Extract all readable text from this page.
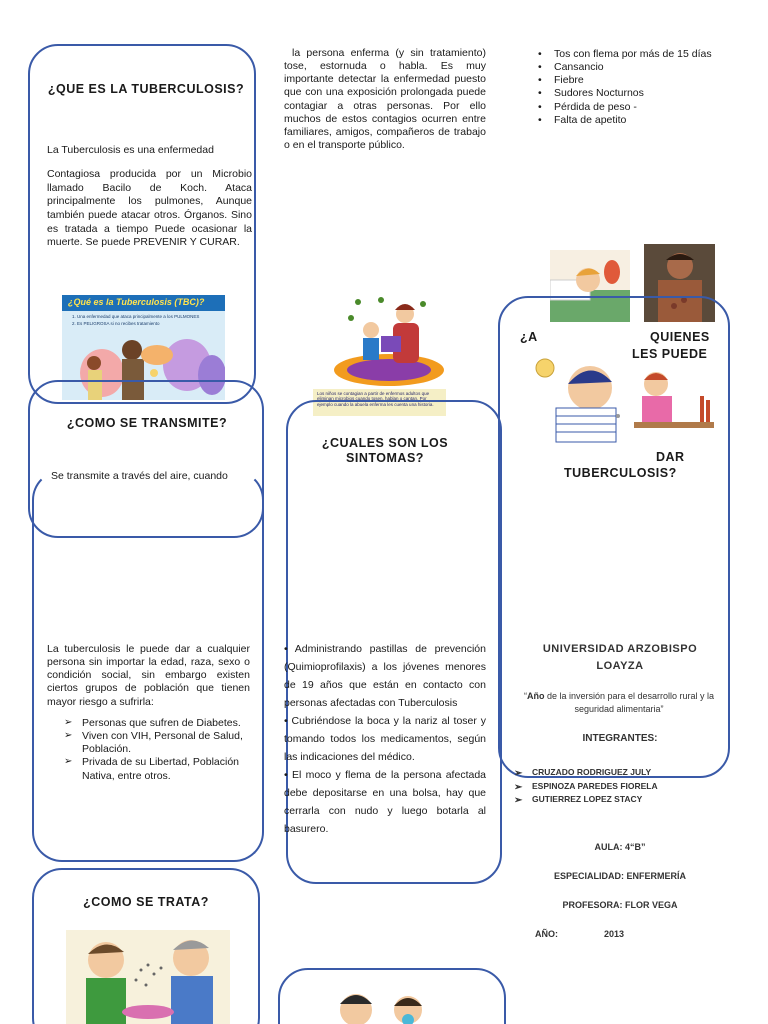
¿QUE ES LA TUBERCULOSIS?
La Tuberculosis es una enfermedad
Contagiosa producida por un Microbio llamado Bacilo de Koch. Ataca principalmente los pulmones, Aunque también puede atacar otros. Órganos. Sino es tratada a tiempo Puede ocasionar la muerte. Se puede PREVENIR Y CURAR.
¿Qué es la Tuberculosis (TBC)?
1. Una enfermedad que ataca principalmente a los PULMONES
2. Es PELIGROSA si no recibes tratamiento
¿COMO SE TRANSMITE?
Se transmite a través del aire, cuando
La tuberculosis le puede dar a cualquier persona sin importar la edad, raza, sexo o condición social, sin embargo existen ciertos grupos de población que tienen mayor riesgo a sufrirla:
➢ Personas que sufren de Diabetes.
➢ Viven con VIH, Personal de Salud, Población.
➢ Privada de su Libertad, Población Nativa, entre otros.
¿COMO SE TRATA?
la persona enferma (y sin tratamiento) tose, estornuda o habla. Es muy importante detectar la enfermedad puesto que con una exposición prolongada puede contagiar a otras personas. Por ello muchos de estos contagios ocurren entre familiares, amigos, compañeros de trabajo o en el transporte público.
Los niños se contagian a partir de enfermos adultos que eliminan microbios cuando tosen, hablan o cantan. Por ejemplo cuando la abuela enferma les cuenta una historia.
¿CUALES SON LOS SINTOMAS?

• Administrando pastillas de prevención (Quimioprofilaxis) a los jóvenes menores de 19 años que están en contacto con personas afectadas con Tuberculosis

• Cubriéndose la boca y la nariz al toser y tomando todos los medicamentos, según las indicaciones del médico.

• El moco y flema de la persona afectada debe depositarse en una bolsa, hay que cerrarla con nudo y luego botarla al basurero.

• Tos con flema por más de 15 días
• Cansancio
• Fiebre
• Sudores Nocturnos
• Pérdida de peso -
• Falta de apetito
¿A	QUIENES
LES PUEDE
DAR
TUBERCULOSIS?
UNIVERSIDAD ARZOBISPO
LOAYZA
“Año de la inversión para el desarrollo rural y la seguridad alimentaria”
INTEGRANTES:
➢ CRUZADO RODRIGUEZ JULY
➢ ESPINOZA PAREDES FIORELA
➢ GUTIERREZ LOPEZ STACY
AULA: 4“B”
ESPECIALIDAD: ENFERMERÍA
PROFESORA: FLOR VEGA
AÑO:	2013
